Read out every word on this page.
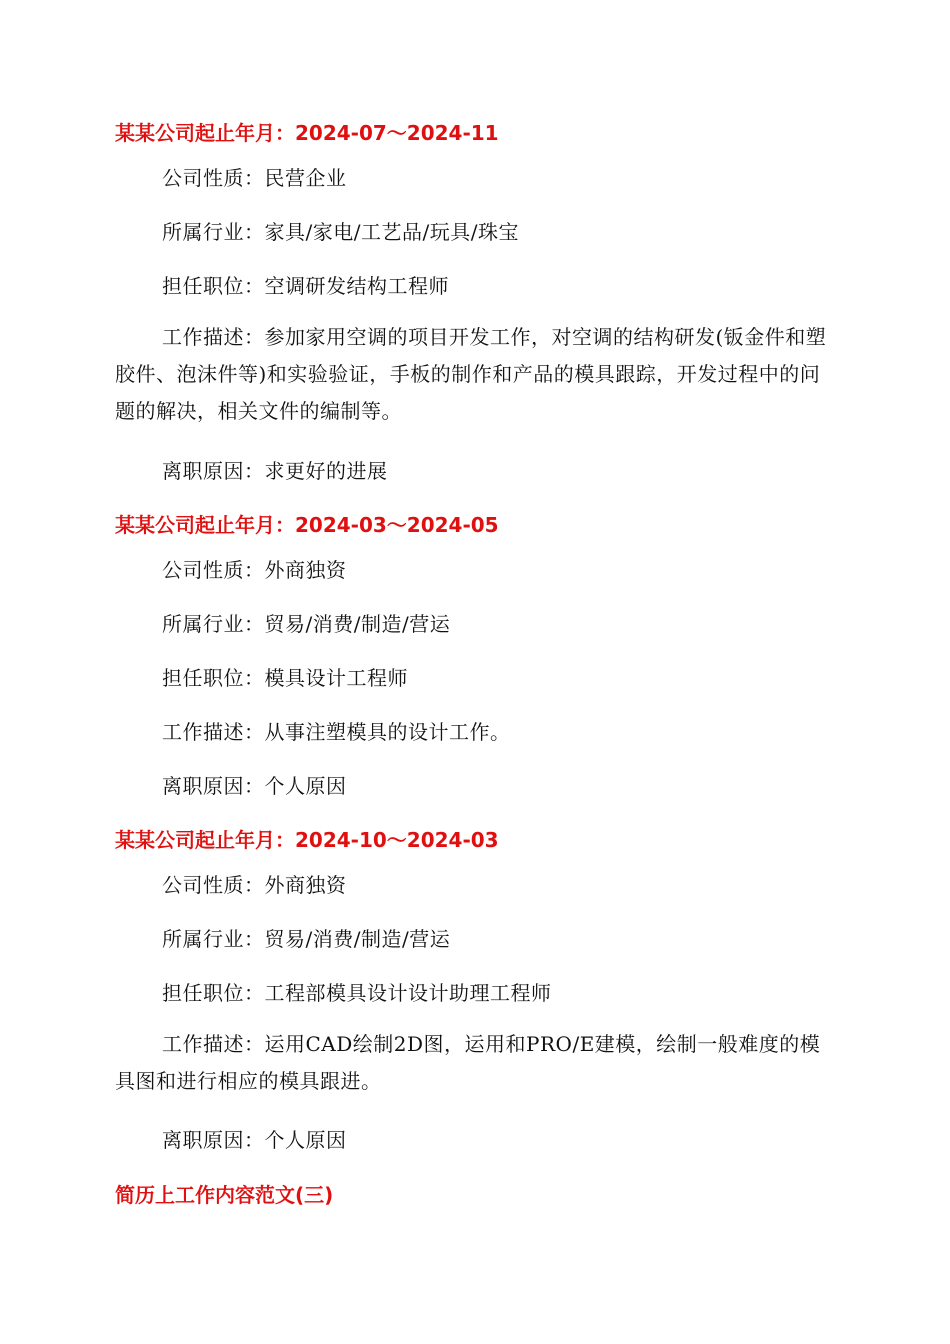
某某公司起止年月：2024-07～2024-11
公司性质：民营企业
所属行业：家具/家电/工艺品/玩具/珠宝
担任职位：空调研发结构工程师
工作描述：参加家用空调的项目开发工作，对空调的结构研发(钣金件和塑胶件、泡沫件等)和实验验证，手板的制作和产品的模具跟踪，开发过程中的问题的解决，相关文件的编制等。
离职原因：求更好的进展
某某公司起止年月：2024-03～2024-05
公司性质：外商独资
所属行业：贸易/消费/制造/营运
担任职位：模具设计工程师
工作描述：从事注塑模具的设计工作。
离职原因：个人原因
某某公司起止年月：2024-10～2024-03
公司性质：外商独资
所属行业：贸易/消费/制造/营运
担任职位：工程部模具设计设计助理工程师
工作描述：运用CAD绘制2D图，运用和PRO/E建模，绘制一般难度的模具图和进行相应的模具跟进。
离职原因：个人原因
简历上工作内容范文(三)
